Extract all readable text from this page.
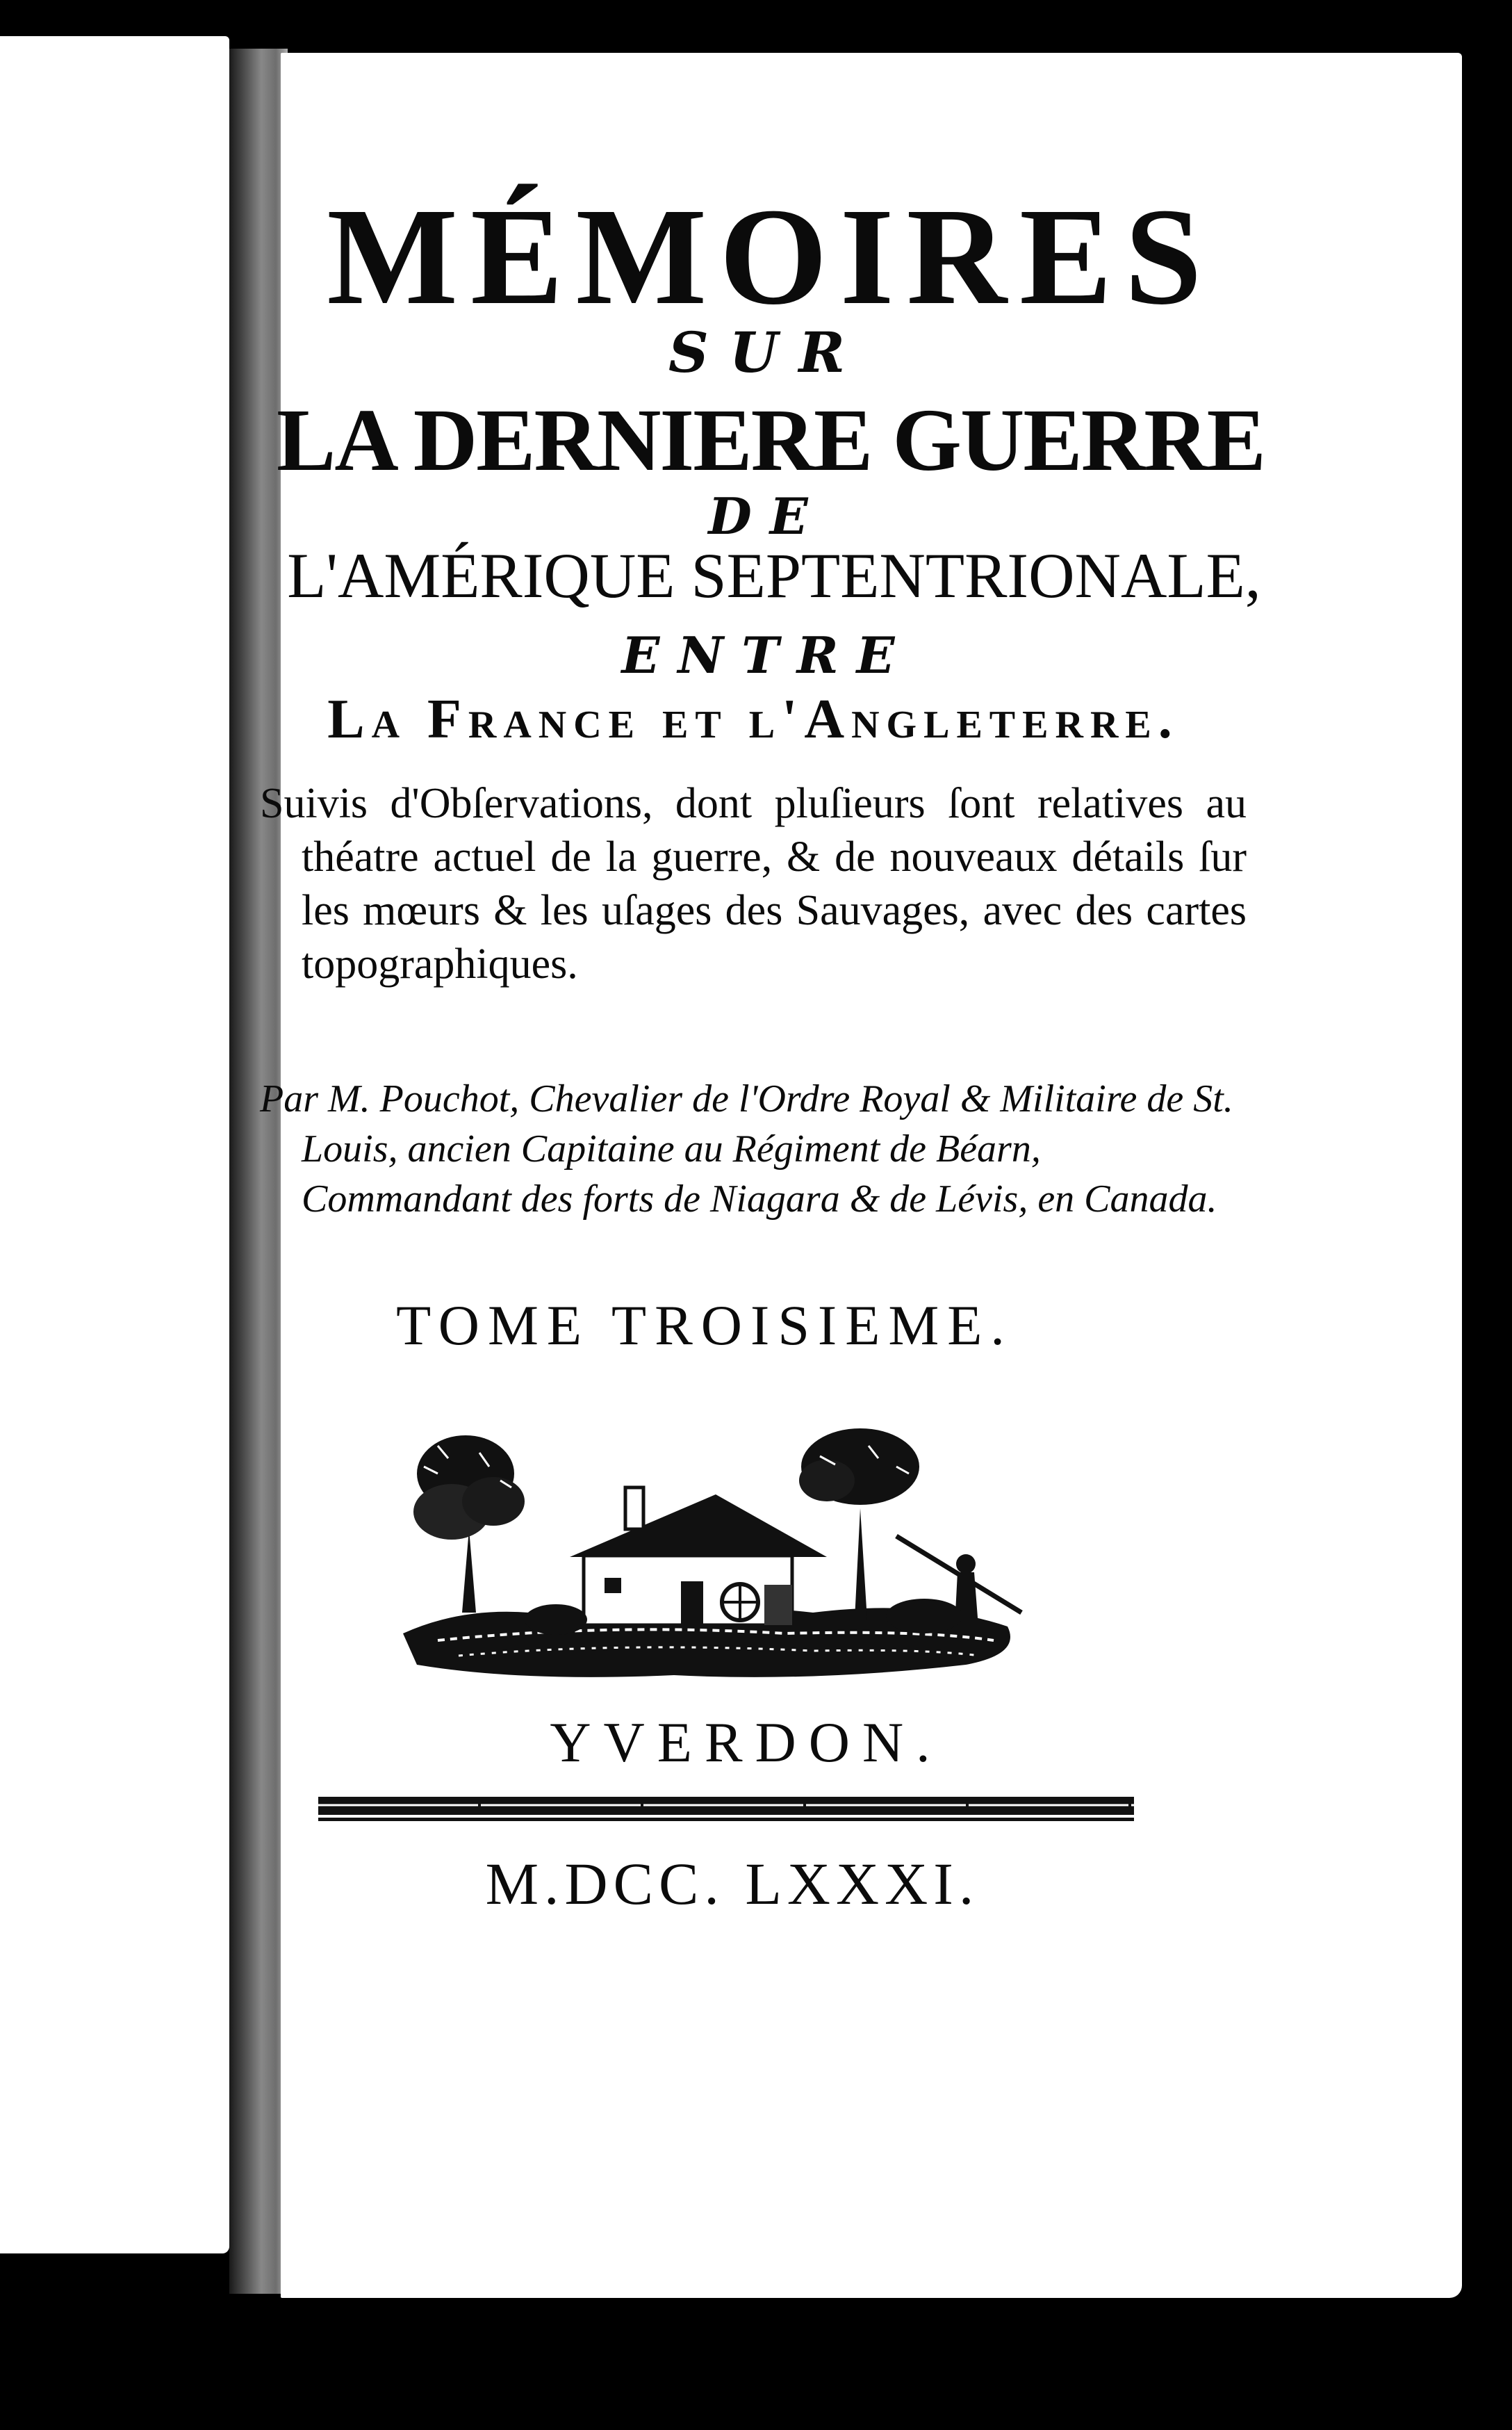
MÉMOIRES
SUR
LA DERNIERE GUERRE
DE
L'AMÉRIQUE SEPTENTRIONALE,
ENTRE
La France et l'Angleterre.
Suivis d'Obſervations, dont pluſieurs ſont relatives au théatre actuel de la guerre, & de nouveaux détails ſur les mœurs & les uſages des Sauvages, avec des cartes topographiques.
Par M. Pouchot, Chevalier de l'Ordre Royal & Militaire de St. Louis, ancien Capitaine au Régiment de Béarn, Commandant des forts de Niagara & de Lévis, en Canada.
TOME TROISIEME.
YVERDON.
M.DCC. LXXXI.
